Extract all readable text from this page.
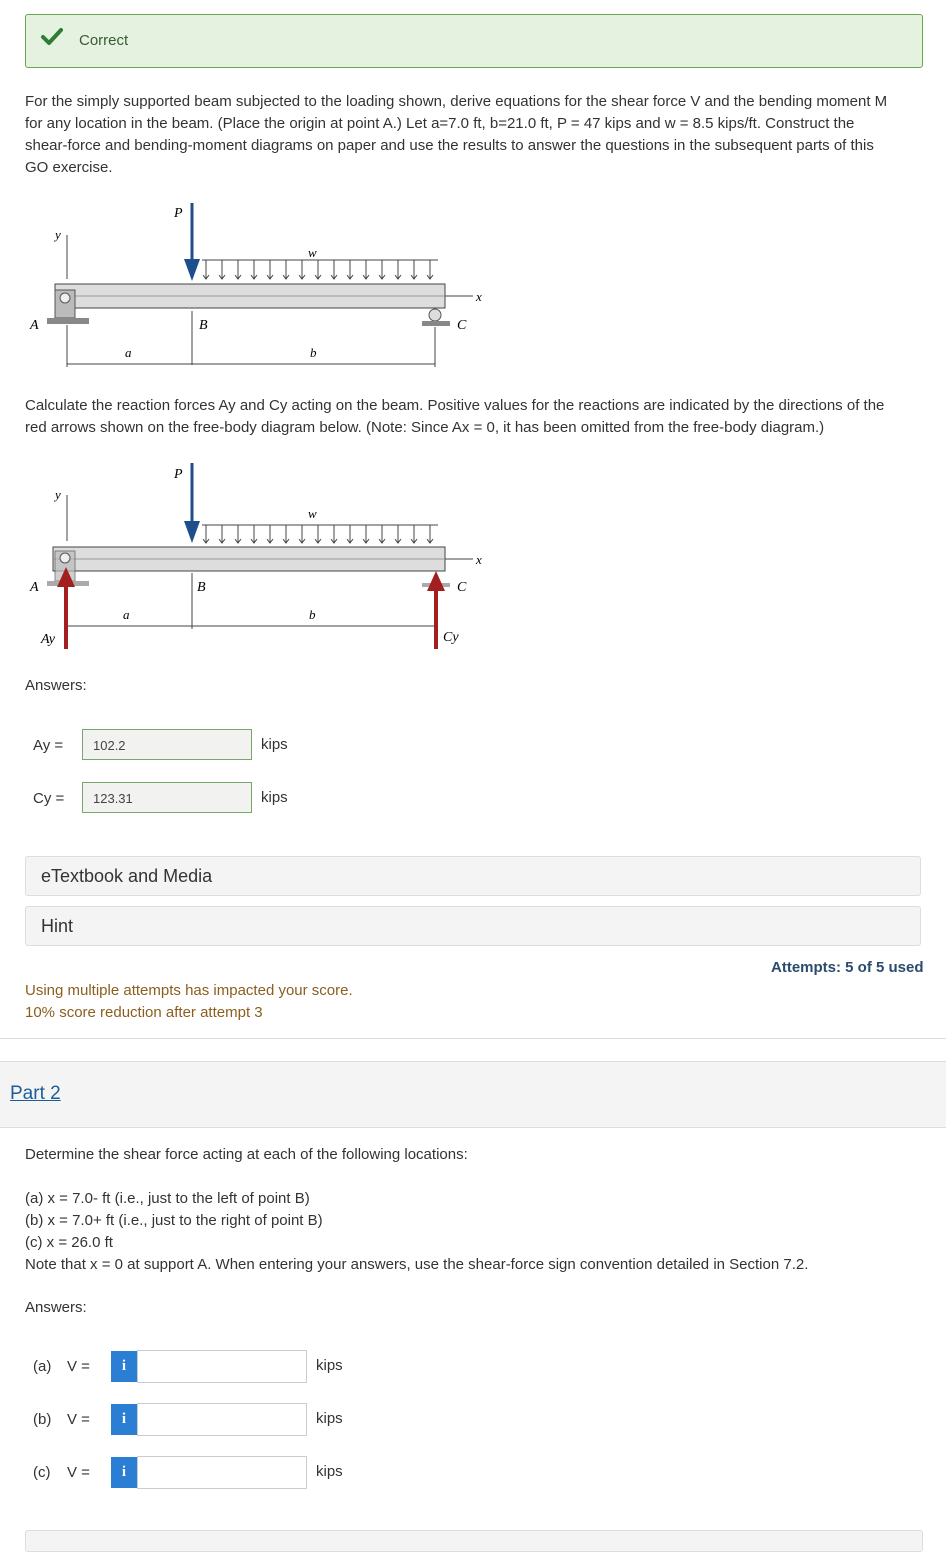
Correct
For the simply supported beam subjected to the loading shown, derive equations for the shear force V and the bending moment M
for any location in the beam. (Place the origin at point A.) Let a=7.0 ft, b=21.0 ft, P = 47 kips and w = 8.5 kips/ft. Construct the
shear-force and bending-moment diagrams on paper and use the results to answer the questions in the subsequent parts of this
GO exercise.
y
P
w
x
A	C
B
a	b
Calculate the reaction forces Ay and Cy acting on the beam. Positive values for the reactions are indicated by the directions of the
red arrows shown on the free-body diagram below. (Note: Since Ax = 0, it has been omitted from the free-body diagram.)
y
P
w
x
A
Ay
C
Cy
B
a	b
Answers:
Ay =	102.2	kips
Cy =	123.31	kips
eTextbook and Media
Hint
Attempts: 5 of 5 used
Using multiple attempts has impacted your score.
10% score reduction after attempt 3
Part 2
Determine the shear force acting at each of the following locations:
(a) x = 7.0- ft (i.e., just to the left of point B)
(b) x = 7.0+ ft (i.e., just to the right of point B)
(c) x = 26.0 ft
Note that x = 0 at support A. When entering your answers, use the shear-force sign convention detailed in Section 7.2.
Answers:
(a) V =	i	kips
(b) V =	i	kips
(c) V =	i	kips
